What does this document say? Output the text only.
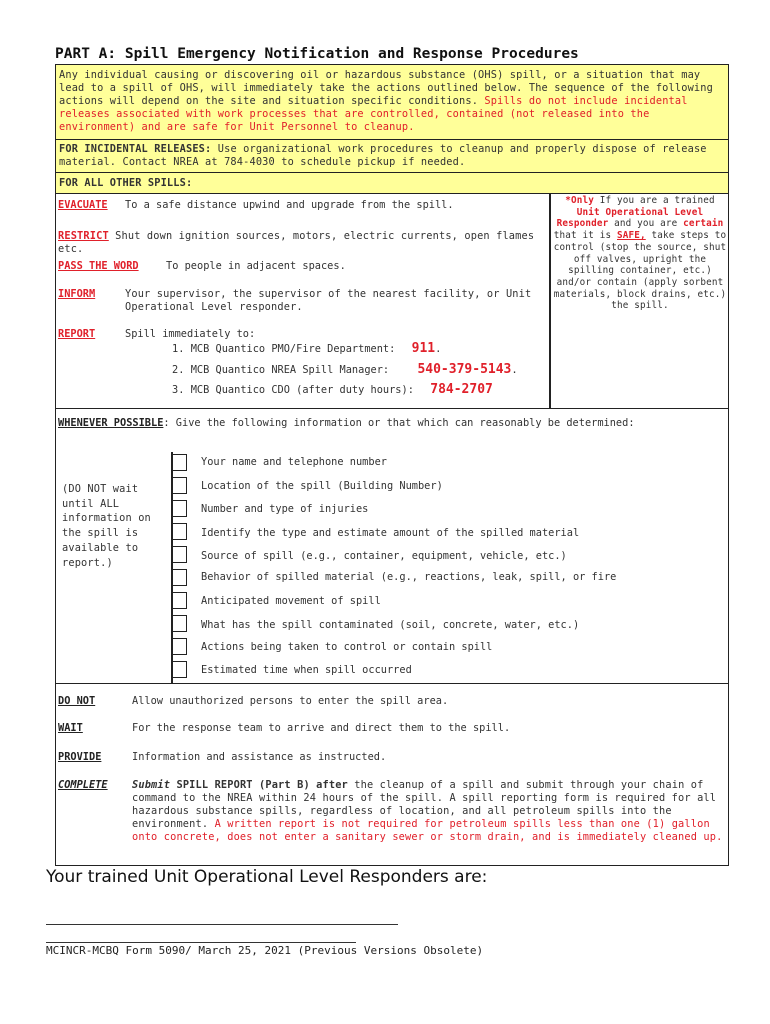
PART A: Spill Emergency Notification and Response Procedures
Any individual causing or discovering oil or hazardous substance (OHS) spill, or a situation that may lead to a spill of OHS, will immediately take the actions outlined below. The sequence of the following actions will depend on the site and situation specific conditions. Spills do not include incidental releases associated with work processes that are controlled, contained (not released into the environment) and are safe for Unit Personnel to cleanup.
FOR INCIDENTAL RELEASES: Use organizational work procedures to cleanup and properly dispose of release material. Contact NREA at 784-4030 to schedule pickup if needed.
FOR ALL OTHER SPILLS:
EVACUATE To a safe distance upwind and upgrade from the spill.
RESTRICT Shut down ignition sources, motors, electric currents, open flames etc.
PASS THE WORD	To people in adjacent spaces.
INFORM	Your supervisor, the supervisor of the nearest facility, or Unit Operational Level responder.
REPORT	Spill immediately to:
1. MCB Quantico PMO/Fire Department: 911.
2. MCB Quantico NREA Spill Manager: 540-379-5143.
3. MCB Quantico CDO (after duty hours): 784-2707
*Only If you are a trained Unit Operational Level Responder and you are certain that it is SAFE, take steps to control (stop the source, shut off valves, upright the spilling container, etc.) and/or contain (apply sorbent materials, block drains, etc.) the spill.
WHENEVER POSSIBLE: Give the following information or that which can reasonably be determined:
(DO NOT wait until ALL information on the spill is available to report.)
Your name and telephone number
Location of the spill (Building Number)
Number and type of injuries
Identify the type and estimate amount of the spilled material
Source of spill (e.g., container, equipment, vehicle, etc.)
Behavior of spilled material (e.g., reactions, leak, spill, or fire
Anticipated movement of spill
What has the spill contaminated (soil, concrete, water, etc.)
Actions being taken to control or contain spill
Estimated time when spill occurred
DO NOT	Allow unauthorized persons to enter the spill area.
WAIT	For the response team to arrive and direct them to the spill.
PROVIDE	Information and assistance as instructed.
COMPLETE Submit SPILL REPORT (Part B) after the cleanup of a spill and submit through your chain of command to the NREA within 24 hours of the spill. A spill reporting form is required for all hazardous substance spills, regardless of location, and all petroleum spills into the environment. A written report is not required for petroleum spills less than one (1) gallon onto concrete, does not enter a sanitary sewer or storm drain, and is immediately cleaned up.
Your trained Unit Operational Level Responders are:
MCINCR-MCBQ Form 5090/ March 25, 2021 (Previous Versions Obsolete)
